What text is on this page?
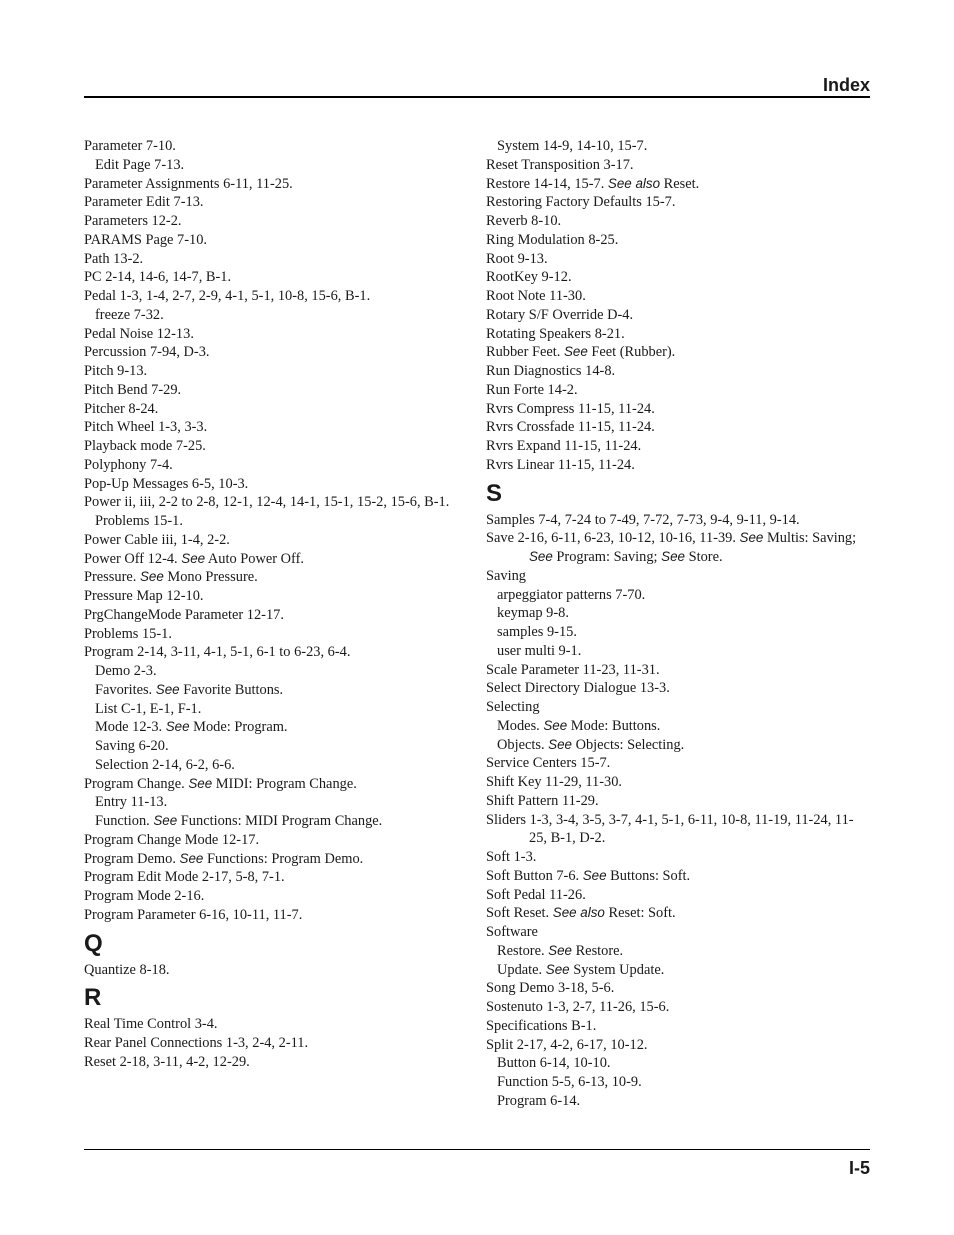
Index

Parameter 7-10.

Edit Page 7-13.

Parameter Assignments 6-11, 11-25.

Parameter Edit 7-13.

Parameters 12-2.

PARAMS Page 7-10.

Path 13-2.

PC 2-14, 14-6, 14-7, B-1.

Pedal 1-3, 1-4, 2-7, 2-9, 4-1, 5-1, 10-8, 15-6, B-1.

freeze 7-32.

Pedal Noise 12-13.

Percussion 7-94, D-3.

Pitch 9-13.

Pitch Bend 7-29.

Pitcher 8-24.

Pitch Wheel 1-3, 3-3.

Playback mode 7-25.

Polyphony 7-4.

Pop-Up Messages 6-5, 10-3.

Power ii, iii, 2-2 to 2-8, 12-1, 12-4, 14-1, 15-1, 15-2, 15-6, B-1.

Problems 15-1.

Power Cable iii, 1-4, 2-2.

Power Off 12-4. See Auto Power Off.

Pressure. See Mono Pressure.

Pressure Map 12-10.

PrgChangeMode Parameter 12-17.

Problems 15-1.

Program 2-14, 3-11, 4-1, 5-1, 6-1 to 6-23, 6-4.

Demo 2-3.

Favorites. See Favorite Buttons.

List C-1, E-1, F-1.

Mode 12-3. See Mode: Program.

Saving 6-20.

Selection 2-14, 6-2, 6-6.

Program Change. See MIDI: Program Change.

Entry 11-13.

Function. See Functions: MIDI Program Change.

Program Change Mode 12-17.

Program Demo. See Functions: Program Demo.

Program Edit Mode 2-17, 5-8, 7-1.

Program Mode 2-16.

Program Parameter 6-16, 10-11, 11-7.

Q

Quantize 8-18.

R

Real Time Control 3-4.

Rear Panel Connections 1-3, 2-4, 2-11.

Reset 2-18, 3-11, 4-2, 12-29.

System 14-9, 14-10, 15-7.

Reset Transposition 3-17.

Restore 14-14, 15-7. See also Reset.

Restoring Factory Defaults 15-7.

Reverb 8-10.

Ring Modulation 8-25.

Root 9-13.

RootKey 9-12.

Root Note 11-30.

Rotary S/F Override D-4.

Rotating Speakers 8-21.

Rubber Feet. See Feet (Rubber).

Run Diagnostics 14-8.

Run Forte 14-2.

Rvrs Compress 11-15, 11-24.

Rvrs Crossfade 11-15, 11-24.

Rvrs Expand 11-15, 11-24.

Rvrs Linear 11-15, 11-24.

S

Samples 7-4, 7-24 to 7-49, 7-72, 7-73, 9-4, 9-11, 9-14.

Save 2-16, 6-11, 6-23, 10-12, 10-16, 11-39. See Multis: Saving; See Program: Saving; See Store.

Saving

arpeggiator patterns 7-70.

keymap 9-8.

samples 9-15.

user multi 9-1.

Scale Parameter 11-23, 11-31.

Select Directory Dialogue 13-3.

Selecting

Modes. See Mode: Buttons.

Objects. See Objects: Selecting.

Service Centers 15-7.

Shift Key 11-29, 11-30.

Shift Pattern 11-29.

Sliders 1-3, 3-4, 3-5, 3-7, 4-1, 5-1, 6-11, 10-8, 11-19, 11-24, 11-25, B-1, D-2.

Soft 1-3.

Soft Button 7-6. See Buttons: Soft.

Soft Pedal 11-26.

Soft Reset. See also Reset: Soft.

Software

Restore. See Restore.

Update. See System Update.

Song Demo 3-18, 5-6.

Sostenuto 1-3, 2-7, 11-26, 15-6.

Specifications B-1.

Split 2-17, 4-2, 6-17, 10-12.

Button 6-14, 10-10.

Function 5-5, 6-13, 10-9.

Program 6-14.

I-5
